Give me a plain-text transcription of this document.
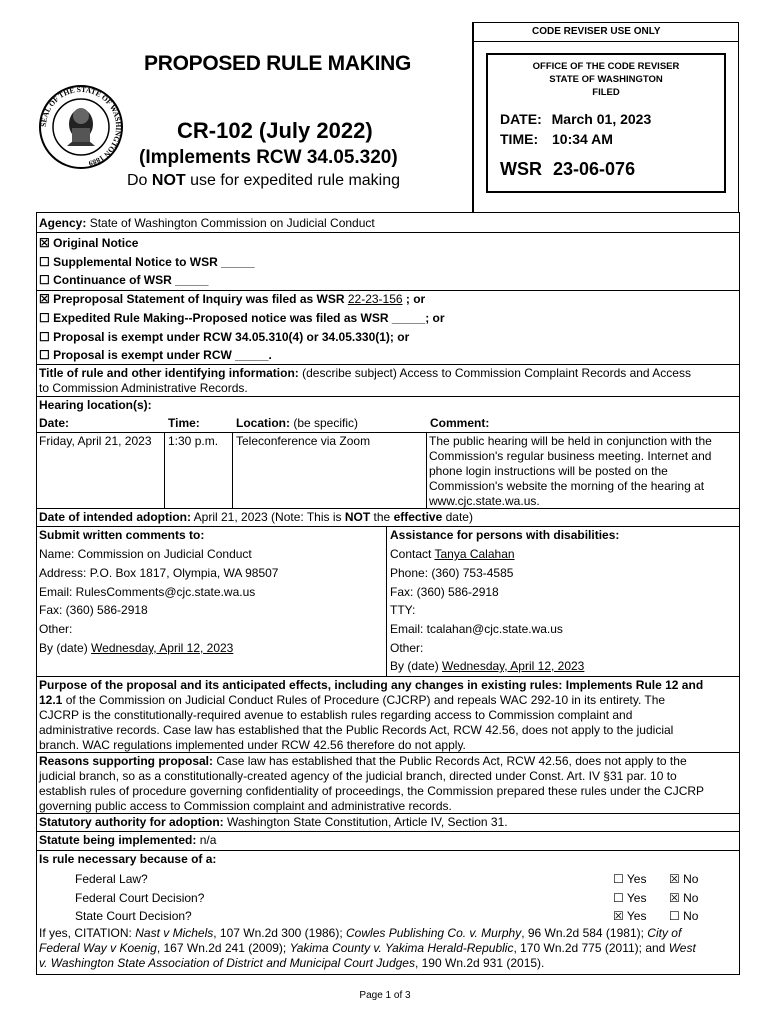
SEAL OF THE STATE OF WASHINGTON 1889
PROPOSED RULE MAKING
CR-102 (July 2022)
(Implements RCW 34.05.320)
Do NOT use for expedited rule making
CODE REVISER USE ONLY
OFFICE OF THE CODE REVISER
STATE OF WASHINGTON
FILED
DATE: March 01, 2023
TIME: 10:34 AM
WSR 23-06-076
Agency: State of Washington Commission on Judicial Conduct
☒ Original Notice
☐ Supplemental Notice to WSR _____
☐ Continuance of WSR _____
☒ Preproposal Statement of Inquiry was filed as WSR 22-23-156 ; or
☐ Expedited Rule Making--Proposed notice was filed as WSR _____; or
☐ Proposal is exempt under RCW 34.05.310(4) or 34.05.330(1); or
☐ Proposal is exempt under RCW _____.
Title of rule and other identifying information: (describe subject) Access to Commission Complaint Records and Access
to Commission Administrative Records.
Hearing location(s):
Date:	Time:	Location: (be specific)	Comment:
Friday, April 21, 2023 1:30 p.m. Teleconference via Zoom	The public hearing will be held in conjunction with the
Commission's regular business meeting. Internet and
phone login instructions will be posted on the
Commission's website the morning of the hearing at
www.cjc.state.wa.us.
Date of intended adoption: April 21, 2023 (Note: This is NOT the effective date)
Submit written comments to:
Name: Commission on Judicial Conduct
Address: P.O. Box 1817, Olympia, WA 98507
Email: RulesComments@cjc.state.wa.us
Fax: (360) 586-2918
Other:
By (date) Wednesday, April 12, 2023
Assistance for persons with disabilities:
Contact Tanya Calahan
Phone: (360) 753-4585
Fax: (360) 586-2918
TTY:
Email: tcalahan@cjc.state.wa.us
Other:
By (date) Wednesday, April 12, 2023
Purpose of the proposal and its anticipated effects, including any changes in existing rules: Implements Rule 12 and
12.1 of the Commission on Judicial Conduct Rules of Procedure (CJCRP) and repeals WAC 292-10 in its entirety. The
CJCRP is the constitutionally-required avenue to establish rules regarding access to Commission complaint and
administrative records. Case law has established that the Public Records Act, RCW 42.56, does not apply to the judicial
branch. WAC regulations implemented under RCW 42.56 therefore do not apply.
Reasons supporting proposal: Case law has established that the Public Records Act, RCW 42.56, does not apply to the
judicial branch, so as a constitutionally-created agency of the judicial branch, directed under Const. Art. IV §31 par. 10 to
establish rules of procedure governing confidentiality of proceedings, the Commission prepared these rules under the CJCRP
governing public access to Commission complaint and administrative records.
Statutory authority for adoption: Washington State Constitution, Article IV, Section 31.
Statute being implemented: n/a
Is rule necessary because of a:
Federal Law?	☐ Yes ☒ No
Federal Court Decision?	☐ Yes ☒ No
State Court Decision?	☒ Yes ☐ No
If yes, CITATION: Nast v Michels, 107 Wn.2d 300 (1986); Cowles Publishing Co. v. Murphy, 96 Wn.2d 584 (1981); City of
Federal Way v Koenig, 167 Wn.2d 241 (2009); Yakima County v. Yakima Herald-Republic, 170 Wn.2d 775 (2011); and West
v. Washington State Association of District and Municipal Court Judges, 190 Wn.2d 931 (2015).
Page 1 of 3
